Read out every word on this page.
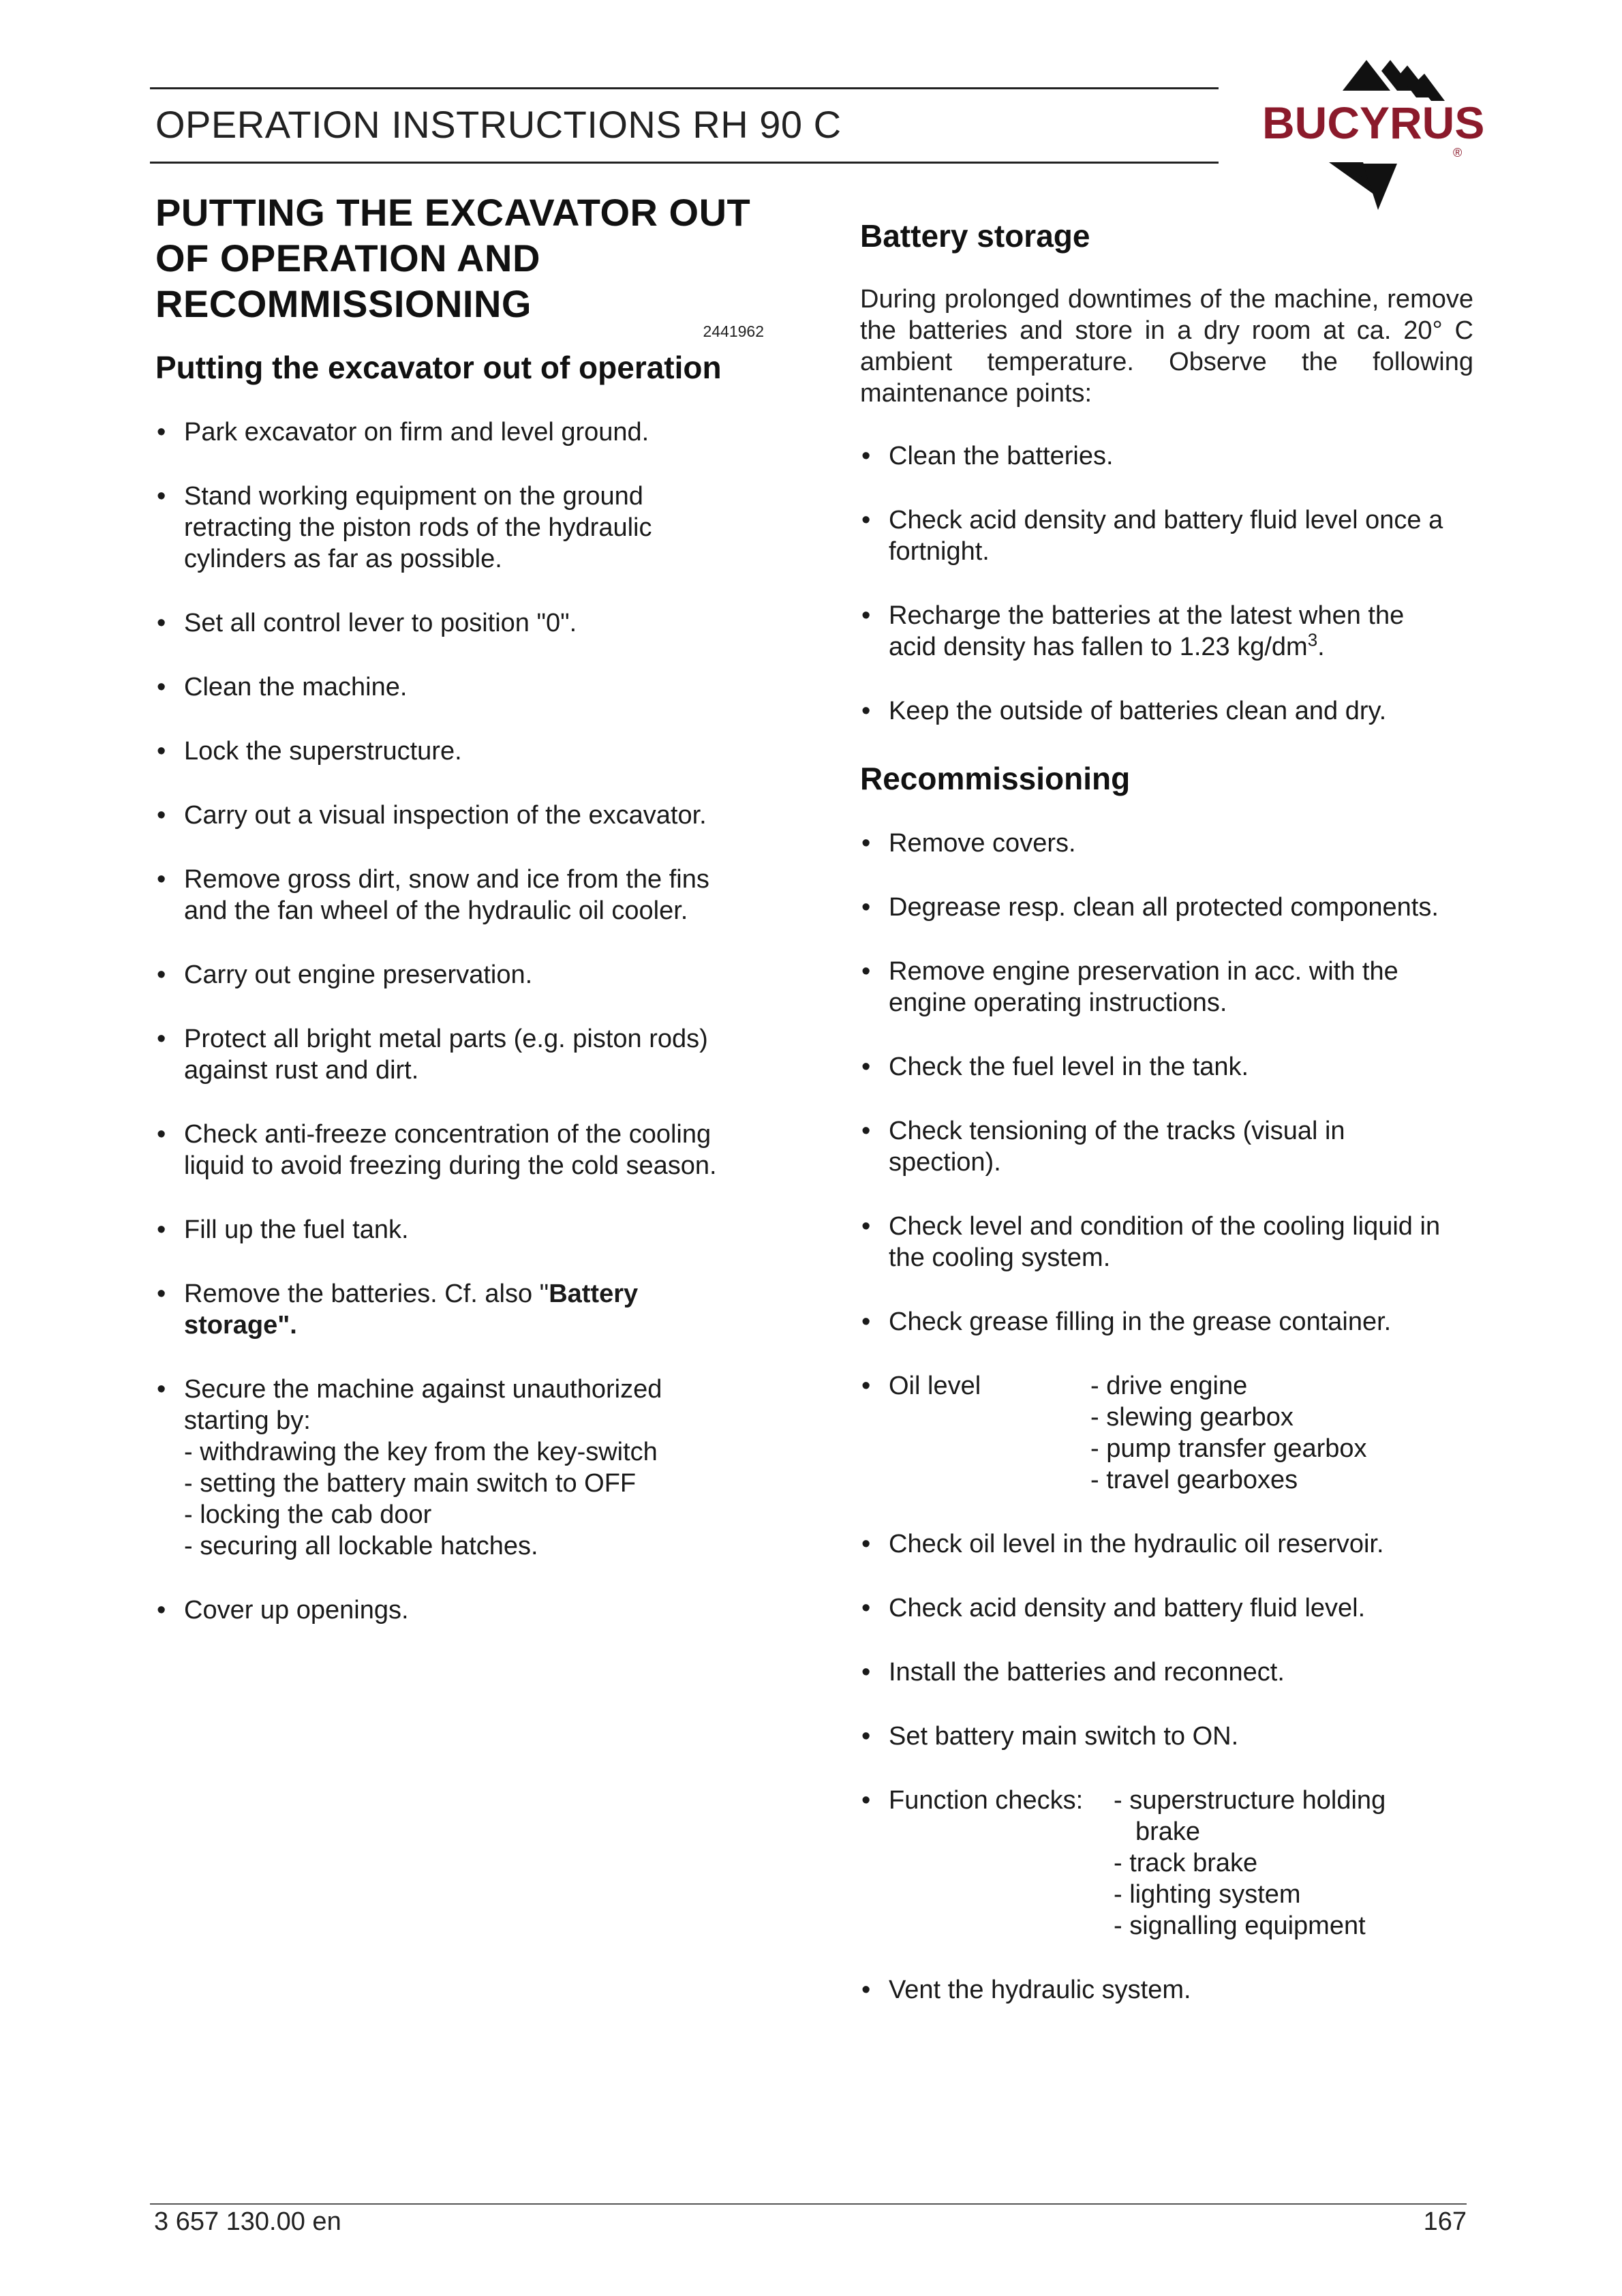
OPERATION INSTRUCTIONS RH 90 C	BUCYRUS
®

PUTTING THE EXCAVATOR OUT

OF OPERATION AND

RECOMMISSIONING

2441962

Putting the excavator out of operation

• Park excavator on firm and level ground.
• Stand working equipment on the ground retracting the piston rods of the hydraulic cylinders as far as possible.
• Set all control lever to position "0".
• Clean the machine.
• Lock the superstructure.
• Carry out a visual inspection of the excavator.
• Remove gross dirt, snow and ice from the fins and the fan wheel of the hydraulic oil cooler.
• Carry out engine preservation.
• Protect all bright metal parts (e.g. piston rods) against rust and dirt.
• Check anti-freeze concentration of the cooling liquid to avoid freezing during the cold season.
• Fill up the fuel tank.
• Remove the batteries. Cf. also "Battery storage".
• Secure the machine against unauthorized starting by:
- withdrawing the key from the key-switch
- setting the battery main switch to OFF
- locking the cab door
- securing all lockable hatches.
• Cover up openings.

Battery storage

During prolonged downtimes of the machine, remove the batteries and store in a dry room at ca. 20° C ambient temperature. Observe the following maintenance points:

• Clean the batteries.
• Check acid density and battery fluid level once a fortnight.
• Recharge the batteries at the latest when the acid density has fallen to 1.23 $kg/dm^3$.
• Keep the outside of batteries clean and dry.

Recommissioning

• Remove covers.
• Degrease resp. clean all protected components.
• Remove engine preservation in acc. with the engine operating instructions.
• Check the fuel level in the tank.
• Check tensioning of the tracks (visual in spection).
• Check level and condition of the cooling liquid in the cooling system.
• Check grease filling in the grease container.
• Oil level	- drive engine
- slewing gearbox
- pump transfer gearbox
- travel gearboxes
• Check oil level in the hydraulic oil reservoir.
• Check acid density and battery fluid level.
• Install the batteries and reconnect.
• Set battery main switch to ON.
• Function checks:	- superstructure holding
brake
- track brake
- lighting system
- signalling equipment
• Vent the hydraulic system.
3 657 130.00 en	167
